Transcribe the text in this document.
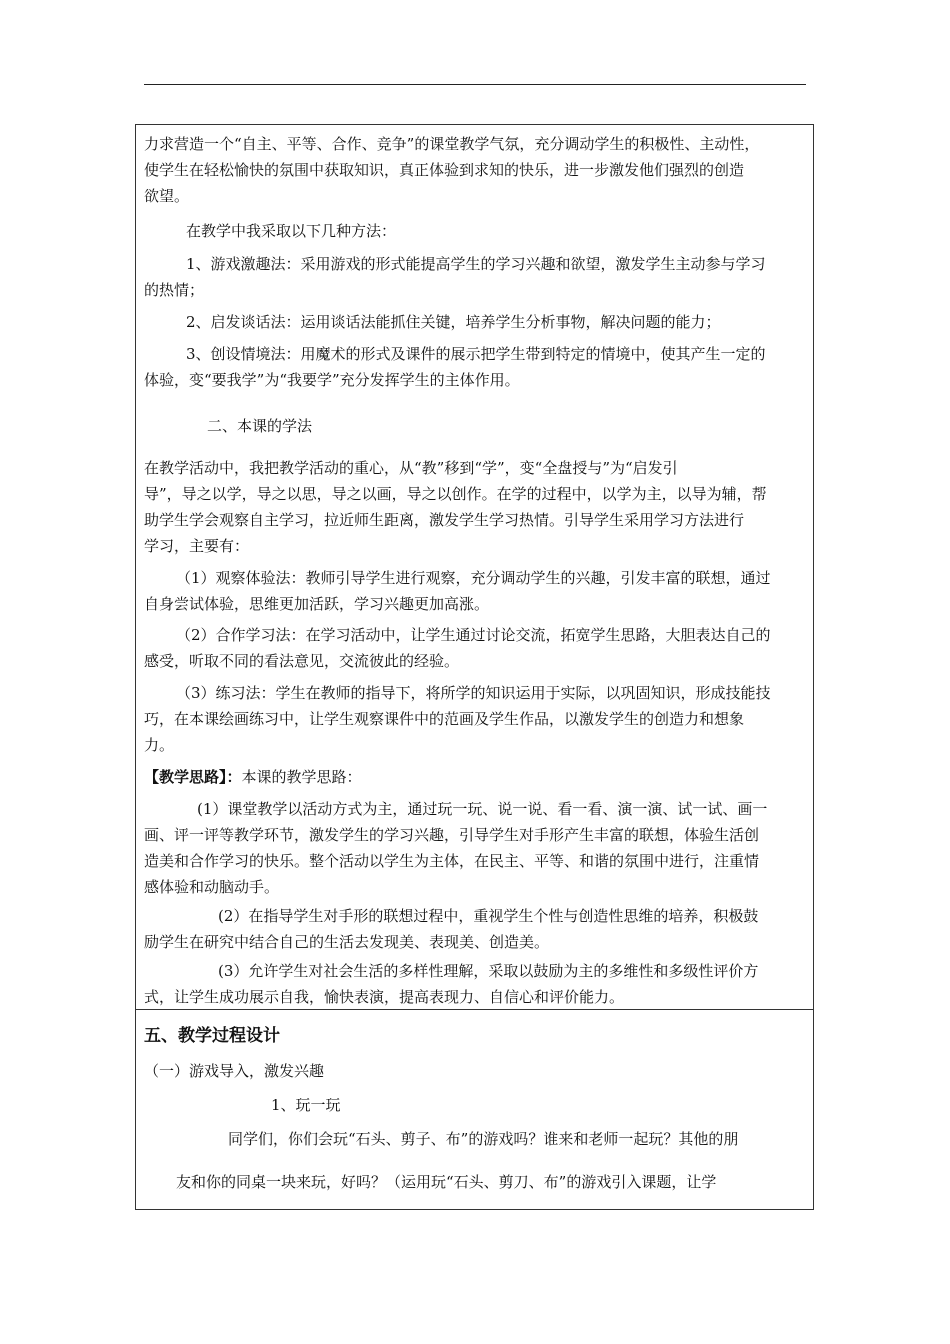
力求营造一个“自主、平等、合作、竞争”的课堂教学气氛，充分调动学生的积极性、主动性，

使学生在轻松愉快的氛围中获取知识，真正体验到求知的快乐，进一步激发他们强烈的创造

欲望。

在教学中我采取以下几种方法：

1、游戏激趣法：采用游戏的形式能提高学生的学习兴趣和欲望，激发学生主动参与学习

的热情；

2、启发谈话法：运用谈话法能抓住关键，培养学生分析事物，解决问题的能力；

3、创设情境法：用魔术的形式及课件的展示把学生带到特定的情境中，使其产生一定的

体验，变“要我学”为“我要学”充分发挥学生的主体作用。

二、本课的学法

在教学活动中，我把教学活动的重心，从“教”移到“学”，变“全盘授与”为“启发引

导”，导之以学，导之以思，导之以画，导之以创作。在学的过程中，以学为主，以导为辅，帮

助学生学会观察自主学习，拉近师生距离，激发学生学习热情。引导学生采用学习方法进行

学习，主要有：

（1）观察体验法：教师引导学生进行观察，充分调动学生的兴趣，引发丰富的联想，通过

自身尝试体验，思维更加活跃，学习兴趣更加高涨。

（2）合作学习法：在学习活动中，让学生通过讨论交流，拓宽学生思路，大胆表达自己的

感受，听取不同的看法意见，交流彼此的经验。

（3）练习法：学生在教师的指导下，将所学的知识运用于实际，以巩固知识，形成技能技

巧，在本课绘画练习中，让学生观察课件中的范画及学生作品，以激发学生的创造力和想象

力。

【教学思路】：本课的教学思路：

(1）课堂教学以活动方式为主，通过玩一玩、说一说、看一看、演一演、试一试、画一

画、评一评等教学环节，激发学生的学习兴趣，引导学生对手形产生丰富的联想，体验生活创

造美和合作学习的快乐。整个活动以学生为主体，在民主、平等、和谐的氛围中进行，注重情

感体验和动脑动手。

(2）在指导学生对手形的联想过程中，重视学生个性与创造性思维的培养，积极鼓

励学生在研究中结合自己的生活去发现美、表现美、创造美。

(3）允许学生对社会生活的多样性理解，采取以鼓励为主的多维性和多级性评价方

式，让学生成功展示自我，愉快表演，提高表现力、自信心和评价能力。

五、教学过程设计

（一）游戏导入，激发兴趣

1、玩一玩

同学们，你们会玩“石头、剪子、布”的游戏吗？谁来和老师一起玩？其他的朋

友和你的同桌一块来玩，好吗？（运用玩“石头、剪刀、布”的游戏引入课题，让学
